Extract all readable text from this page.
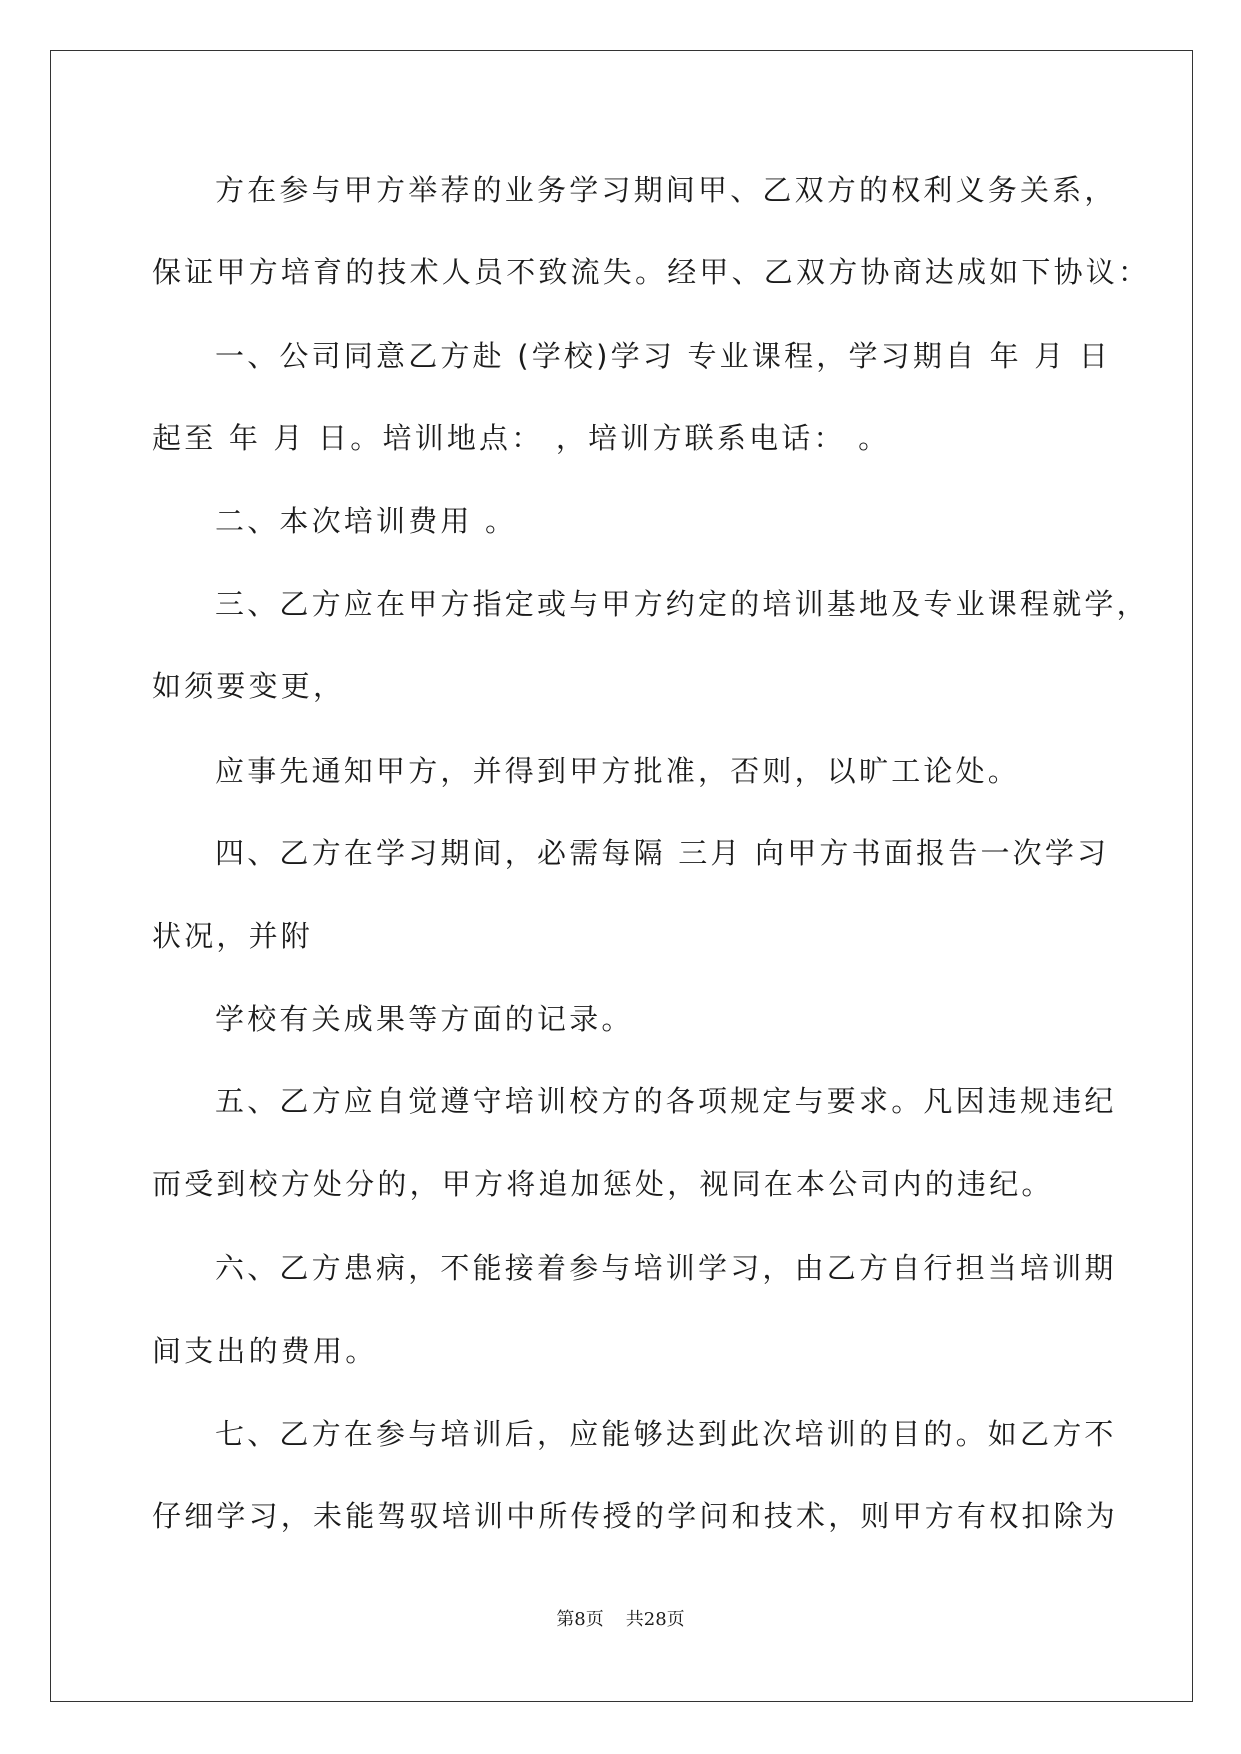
方在参与甲方举荐的业务学习期间甲、乙双方的权利义务关系，

保证甲方培育的技术人员不致流失。经甲、乙双方协商达成如下协议：

一、公司同意乙方赴 (学校)学习 专业课程，学习期自 年 月 日

起至 年 月 日。培训地点： ，培训方联系电话： 。

二、本次培训费用 。

三、乙方应在甲方指定或与甲方约定的培训基地及专业课程就学，

如须要变更，

应事先通知甲方，并得到甲方批准，否则，以旷工论处。

四、乙方在学习期间，必需每隔 三月 向甲方书面报告一次学习

状况，并附

学校有关成果等方面的记录。

五、乙方应自觉遵守培训校方的各项规定与要求。凡因违规违纪

而受到校方处分的，甲方将追加惩处，视同在本公司内的违纪。

六、乙方患病，不能接着参与培训学习，由乙方自行担当培训期

间支出的费用。

七、乙方在参与培训后，应能够达到此次培训的目的。如乙方不

仔细学习，未能驾驭培训中所传授的学问和技术，则甲方有权扣除为

第8页 共28页
